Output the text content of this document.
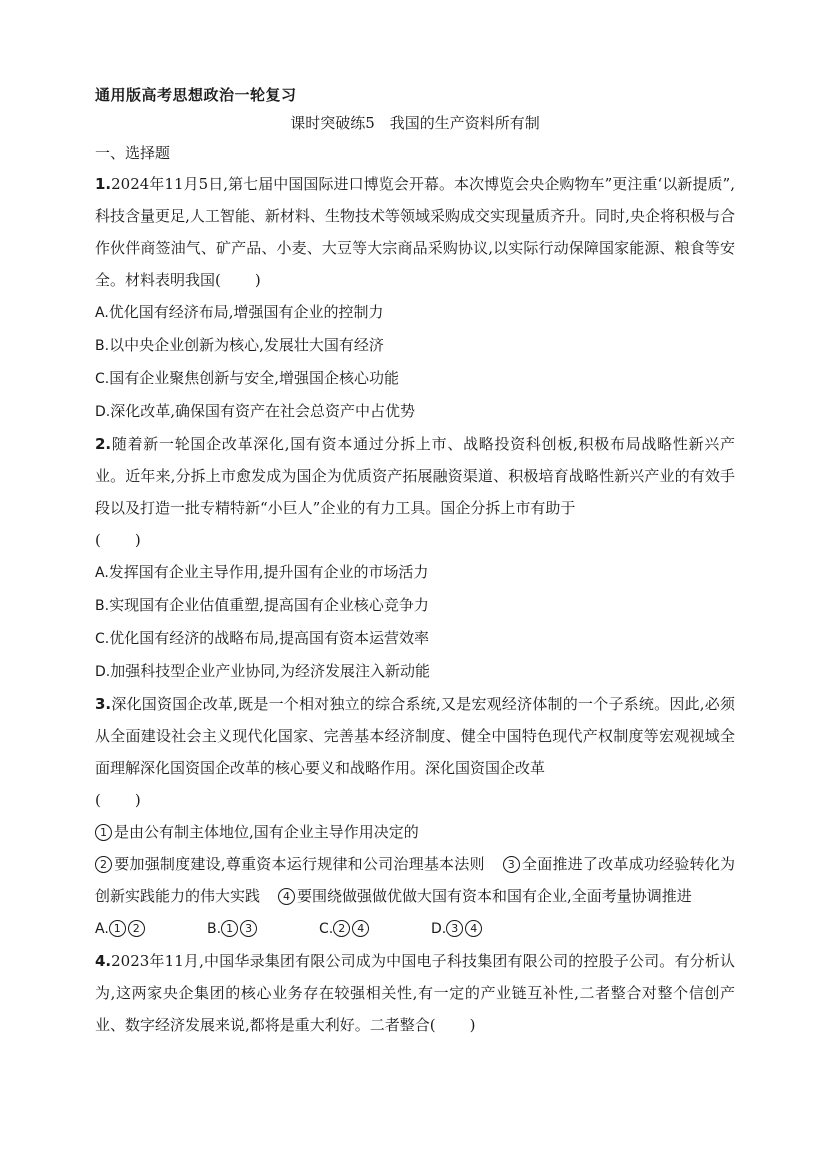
通用版高考思想政治一轮复习
课时突破练5　我国的生产资料所有制
一、选择题

1.2024年11月5日,第七届中国国际进口博览会开幕。本次博览会央企购物车”更注重‘以新提质”,科技含量更足,人工智能、新材料、生物技术等领域采购成交实现量质齐升。同时,央企将积极与合作伙伴商签油气、矿产品、小麦、大豆等大宗商品采购协议,以实际行动保障国家能源、粮食等安全。材料表明我国( )

A.优化国有经济布局,增强国有企业的控制力

B.以中央企业创新为核心,发展壮大国有经济

C.国有企业聚焦创新与安全,增强国企核心功能

D.深化改革,确保国有资产在社会总资产中占优势

2.随着新一轮国企改革深化,国有资本通过分拆上市、战略投资科创板,积极布局战略性新兴产业。近年来,分拆上市愈发成为国企为优质资产拓展融资渠道、积极培育战略性新兴产业的有效手段以及打造一批专精特新“小巨人”企业的有力工具。国企分拆上市有助于

( )

A.发挥国有企业主导作用,提升国有企业的市场活力

B.实现国有企业估值重塑,提高国有企业核心竞争力

C.优化国有经济的战略布局,提高国有资本运营效率

D.加强科技型企业产业协同,为经济发展注入新动能

3.深化国资国企改革,既是一个相对独立的综合系统,又是宏观经济体制的一个子系统。因此,必须从全面建设社会主义现代化国家、完善基本经济制度、健全中国特色现代产权制度等宏观视域全面理解深化国资国企改革的核心要义和战略作用。深化国资国企改革

( )

1 是由公有制主体地位,国有企业主导作用决定的

2 要加强制度建设,尊重资本运行规律和公司治理基本法则 3 全面推进了改革成功经验转化为创新实践能力的伟大实践 4 要围绕做强做优做大国有资本和国有企业,全面考量协调推进

A. 1 2	B. 1 3	C. 2 4	D. 3 4

4.2023年11月,中国华录集团有限公司成为中国电子科技集团有限公司的控股子公司。有分析认为,这两家央企集团的核心业务存在较强相关性,有一定的产业链互补性,二者整合对整个信创产业、数字经济发展来说,都将是重大利好。二者整合( )
